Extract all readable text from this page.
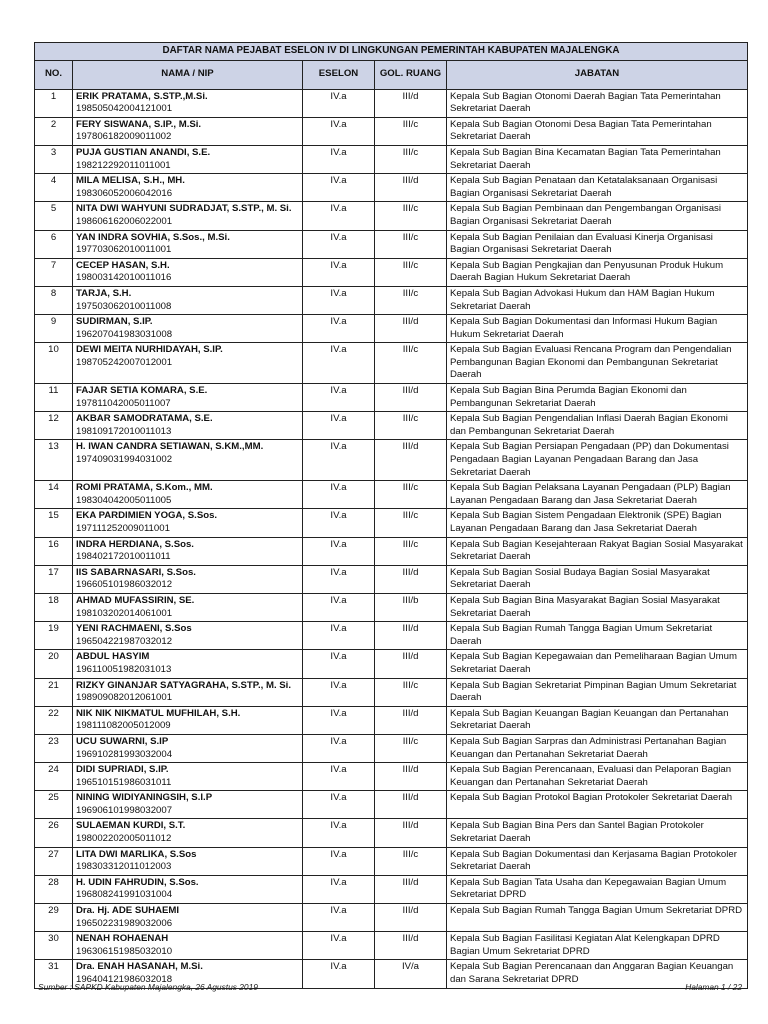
DAFTAR NAMA PEJABAT ESELON IV DI LINGKUNGAN PEMERINTAH KABUPATEN MAJALENGKA				
NO.	NAMA / NIP	ESELON	GOL. RUANG	JABATAN
1	ERIK PRATAMA, S.STP.,M.Si.
198505042004121001	IV.a	III/d	Kepala Sub Bagian Otonomi Daerah Bagian Tata Pemerintahan Sekretariat Daerah
2	FERY SISWANA, S.IP., M.Si.
197806182009011002	IV.a	III/c	Kepala Sub Bagian Otonomi Desa Bagian Tata Pemerintahan Sekretariat Daerah
3	PUJA GUSTIAN ANANDI, S.E.
198212292011011001	IV.a	III/c	Kepala Sub Bagian Bina Kecamatan Bagian Tata Pemerintahan Sekretariat Daerah
4	MILA MELISA, S.H., MH.
198306052006042016	IV.a	III/d	Kepala Sub Bagian Penataan dan Ketatalaksanaan Organisasi Bagian Organisasi Sekretariat Daerah
5	NITA DWI WAHYUNI SUDRADJAT, S.STP., M. Si.
198606162006022001	IV.a	III/c	Kepala Sub Bagian Pembinaan dan Pengembangan Organisasi Bagian Organisasi Sekretariat Daerah
6	YAN INDRA SOVHIA, S.Sos., M.Si.
197703062010011001	IV.a	III/c	Kepala Sub Bagian Penilaian dan Evaluasi Kinerja Organisasi Bagian Organisasi Sekretariat Daerah
7	CECEP HASAN, S.H.
198003142010011016	IV.a	III/c	Kepala Sub Bagian Pengkajian dan Penyusunan Produk Hukum Daerah Bagian Hukum Sekretariat Daerah
8	TARJA, S.H.
197503062010011008	IV.a	III/c	Kepala Sub Bagian Advokasi Hukum dan HAM Bagian Hukum Sekretariat Daerah
9	SUDIRMAN, S.IP.
196207041983031008	IV.a	III/d	Kepala Sub Bagian Dokumentasi dan Informasi Hukum Bagian Hukum Sekretariat Daerah
10	DEWI MEITA NURHIDAYAH, S.IP.
198705242007012001	IV.a	III/c	Kepala Sub Bagian Evaluasi Rencana Program dan Pengendalian Pembangunan Bagian Ekonomi dan Pembangunan Sekretariat Daerah
11	FAJAR SETIA KOMARA, S.E.
197811042005011007	IV.a	III/d	Kepala Sub Bagian Bina Perumda Bagian Ekonomi dan Pembangunan Sekretariat Daerah
12	AKBAR SAMODRATAMA, S.E.
198109172010011013	IV.a	III/c	Kepala Sub Bagian Pengendalian Inflasi Daerah Bagian Ekonomi dan Pembangunan Sekretariat Daerah
13	H. IWAN CANDRA SETIAWAN, S.KM.,MM.
197409031994031002	IV.a	III/d	Kepala Sub Bagian Persiapan Pengadaan (PP) dan Dokumentasi Pengadaan Bagian Layanan Pengadaan Barang dan Jasa Sekretariat Daerah
14	ROMI PRATAMA, S.Kom., MM.
198304042005011005	IV.a	III/c	Kepala Sub Bagian Pelaksana Layanan Pengadaan (PLP) Bagian Layanan Pengadaan Barang dan Jasa Sekretariat Daerah
15	EKA PARDIMIEN YOGA, S.Sos.
197111252009011001	IV.a	III/c	Kepala Sub Bagian Sistem Pengadaan Elektronik (SPE) Bagian Layanan Pengadaan Barang dan Jasa Sekretariat Daerah
16	INDRA HERDIANA, S.Sos.
198402172010011011	IV.a	III/c	Kepala Sub Bagian Kesejahteraan Rakyat Bagian Sosial Masyarakat Sekretariat Daerah
17	IIS SABARNASARI, S.Sos.
196605101986032012	IV.a	III/d	Kepala Sub Bagian Sosial Budaya Bagian Sosial Masyarakat Sekretariat Daerah
18	AHMAD MUFASSIRIN, SE.
198103202014061001	IV.a	III/b	Kepala Sub Bagian Bina Masyarakat Bagian Sosial Masyarakat Sekretariat Daerah
19	YENI RACHMAENI, S.Sos
196504221987032012	IV.a	III/d	Kepala Sub Bagian Rumah Tangga Bagian Umum Sekretariat Daerah
20	ABDUL HASYIM
196110051982031013	IV.a	III/d	Kepala Sub Bagian Kepegawaian dan Pemeliharaan Bagian Umum Sekretariat Daerah
21	RIZKY GINANJAR SATYAGRAHA, S.STP., M. Si.
198909082012061001	IV.a	III/c	Kepala Sub Bagian Sekretariat Pimpinan Bagian Umum Sekretariat Daerah
22	NIK NIK NIKMATUL MUFHILAH, S.H.
198111082005012009	IV.a	III/d	Kepala Sub Bagian Keuangan Bagian Keuangan dan Pertanahan Sekretariat Daerah
23	UCU SUWARNI, S.IP
196910281993032004	IV.a	III/c	Kepala Sub Bagian Sarpras dan Administrasi Pertanahan Bagian Keuangan dan Pertanahan Sekretariat Daerah
24	DIDI SUPRIADI, S.IP.
196510151986031011	IV.a	III/d	Kepala Sub Bagian Perencanaan, Evaluasi dan Pelaporan Bagian Keuangan dan Pertanahan Sekretariat Daerah
25	NINING WIDIYANINGSIH, S.I.P
196906101998032007	IV.a	III/d	Kepala Sub Bagian Protokol Bagian Protokoler Sekretariat Daerah
26	SULAEMAN KURDI, S.T.
198002202005011012	IV.a	III/d	Kepala Sub Bagian Bina Pers dan Santel Bagian Protokoler Sekretariat Daerah
27	LITA DWI MARLIKA, S.Sos
198303312011012003	IV.a	III/c	Kepala Sub Bagian Dokumentasi dan Kerjasama Bagian Protokoler Sekretariat Daerah
28	H. UDIN FAHRUDIN, S.Sos.
196808241991031004	IV.a	III/d	Kepala Sub Bagian Tata Usaha dan Kepegawaian Bagian Umum Sekretariat DPRD
29	Dra. Hj. ADE SUHAEMI
196502231989032006	IV.a	III/d	Kepala Sub Bagian Rumah Tangga Bagian Umum Sekretariat DPRD
30	NENAH ROHAENAH
196306151985032010	IV.a	III/d	Kepala Sub Bagian Fasilitasi Kegiatan Alat Kelengkapan DPRD Bagian Umum Sekretariat DPRD
31	Dra. ENAH HASANAH, M.Si.
196404121986032018	IV.a	IV/a	Kepala Sub Bagian Perencanaan dan Anggaran Bagian Keuangan dan Sarana Sekretariat DPRD
Sumber : SAPKD Kabupaten Majalengka, 26 Agustus 2019	Halaman 1 / 22
